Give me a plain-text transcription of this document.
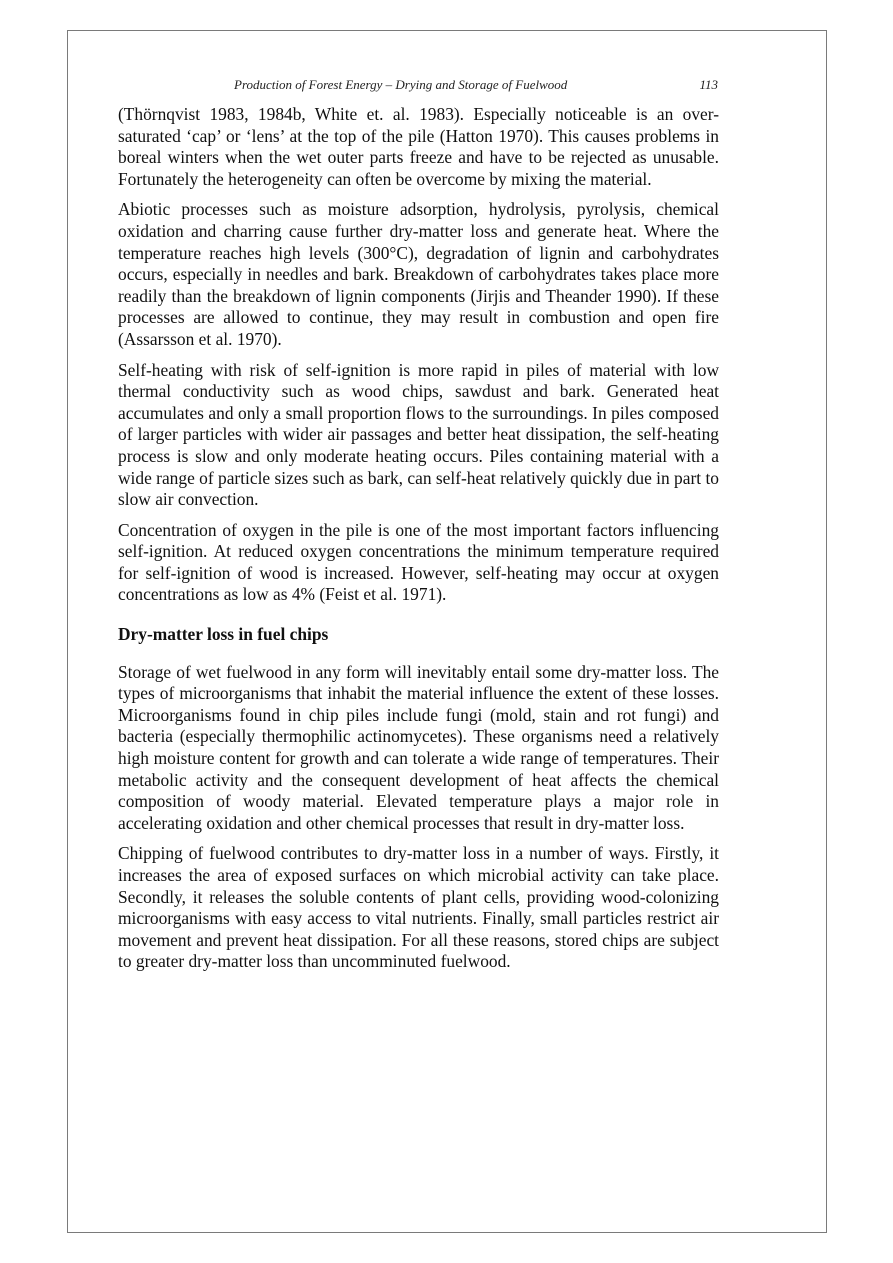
Production of Forest Energy – Drying and Storage of Fuelwood	113

(Thörnqvist 1983, 1984b, White et. al. 1983). Especially noticeable is an over-saturated ‘cap’ or ‘lens’ at the top of the pile (Hatton 1970). This causes problems in boreal winters when the wet outer parts freeze and have to be rejected as unusable. Fortunately the heterogeneity can often be overcome by mixing the material.

Abiotic processes such as moisture adsorption, hydrolysis, pyrolysis, chemical oxidation and charring cause further dry-matter loss and generate heat. Where the temperature reaches high levels (300°C), degradation of lignin and carbohydrates occurs, especially in needles and bark. Breakdown of carbohydrates takes place more readily than the breakdown of lignin components (Jirjis and Theander 1990). If these processes are allowed to continue, they may result in combustion and open fire (Assarsson et al. 1970).

Self-heating with risk of self-ignition is more rapid in piles of material with low thermal conductivity such as wood chips, sawdust and bark. Generated heat accumulates and only a small proportion flows to the surroundings. In piles composed of larger particles with wider air passages and better heat dissipation, the self-heating process is slow and only moderate heating occurs. Piles containing material with a wide range of particle sizes such as bark, can self-heat relatively quickly due in part to slow air convection.

Concentration of oxygen in the pile is one of the most important factors influencing self-ignition. At reduced oxygen concentrations the minimum temperature required for self-ignition of wood is increased. However, self-heating may occur at oxygen concentrations as low as 4% (Feist et al. 1971).

Dry-matter loss in fuel chips

Storage of wet fuelwood in any form will inevitably entail some dry-matter loss. The types of microorganisms that inhabit the material influence the extent of these losses. Microorganisms found in chip piles include fungi (mold, stain and rot fungi) and bacteria (especially thermophilic actinomycetes). These organisms need a relatively high moisture content for growth and can tolerate a wide range of temperatures. Their metabolic activity and the consequent development of heat affects the chemical composition of woody material. Elevated temperature plays a major role in accelerating oxidation and other chemical processes that result in dry-matter loss.

Chipping of fuelwood contributes to dry-matter loss in a number of ways. Firstly, it increases the area of exposed surfaces on which microbial activity can take place. Secondly, it releases the soluble contents of plant cells, providing wood-colonizing microorganisms with easy access to vital nutrients. Finally, small particles restrict air movement and prevent heat dissipation. For all these reasons, stored chips are subject to greater dry-matter loss than uncomminuted fuelwood.
